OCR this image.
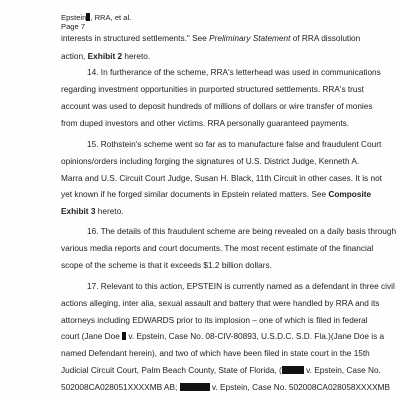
Epstein , RRA, et al.
Page 7
interests in structured settlements." See Preliminary Statement of RRA dissolution
action, Exhibit 2 hereto.
14. In furtherance of the scheme, RRA's letterhead was used in communications
regarding investment opportunities in purported structured settlements. RRA's trust
account was used to deposit hundreds of millions of dollars or wire transfer of monies
from duped investors and other victims. RRA personally guaranteed payments.
15. Rothstein's scheme went so far as to manufacture false and fraudulent Court
opinions/orders including forging the signatures of U.S. District Judge, Kenneth A.
Marra and U.S. Circuit Court Judge, Susan H. Black, 11th Circuit in other cases. It is not
yet known if he forged similar documents in Epstein related matters. See Composite
Exhibit 3 hereto.
16. The details of this fraudulent scheme are being revealed on a daily basis through
various media reports and court documents. The most recent estimate of the financial
scope of the scheme is that it exceeds $1.2 billion dollars.
17. Relevant to this action, EPSTEIN is currently named as a defendant in three civil
actions alleging, inter alia, sexual assault and battery that were handled by RRA and its
attorneys including EDWARDS prior to its implosion – one of which is filed in federal
court (Jane Doe  v. Epstein, Case No. 08-CIV-80893, U.S.D.C. S.D. Fla.)(Jane Doe is a
named Defendant herein), and two of which have been filed in state court in the 15th
Judicial Circuit Court, Palm Beach County, State of Florida, (	v. Epstein, Case No.
502008CA028051XXXXMB AB;	v. Epstein, Case No. 502008CA028058XXXXMB
